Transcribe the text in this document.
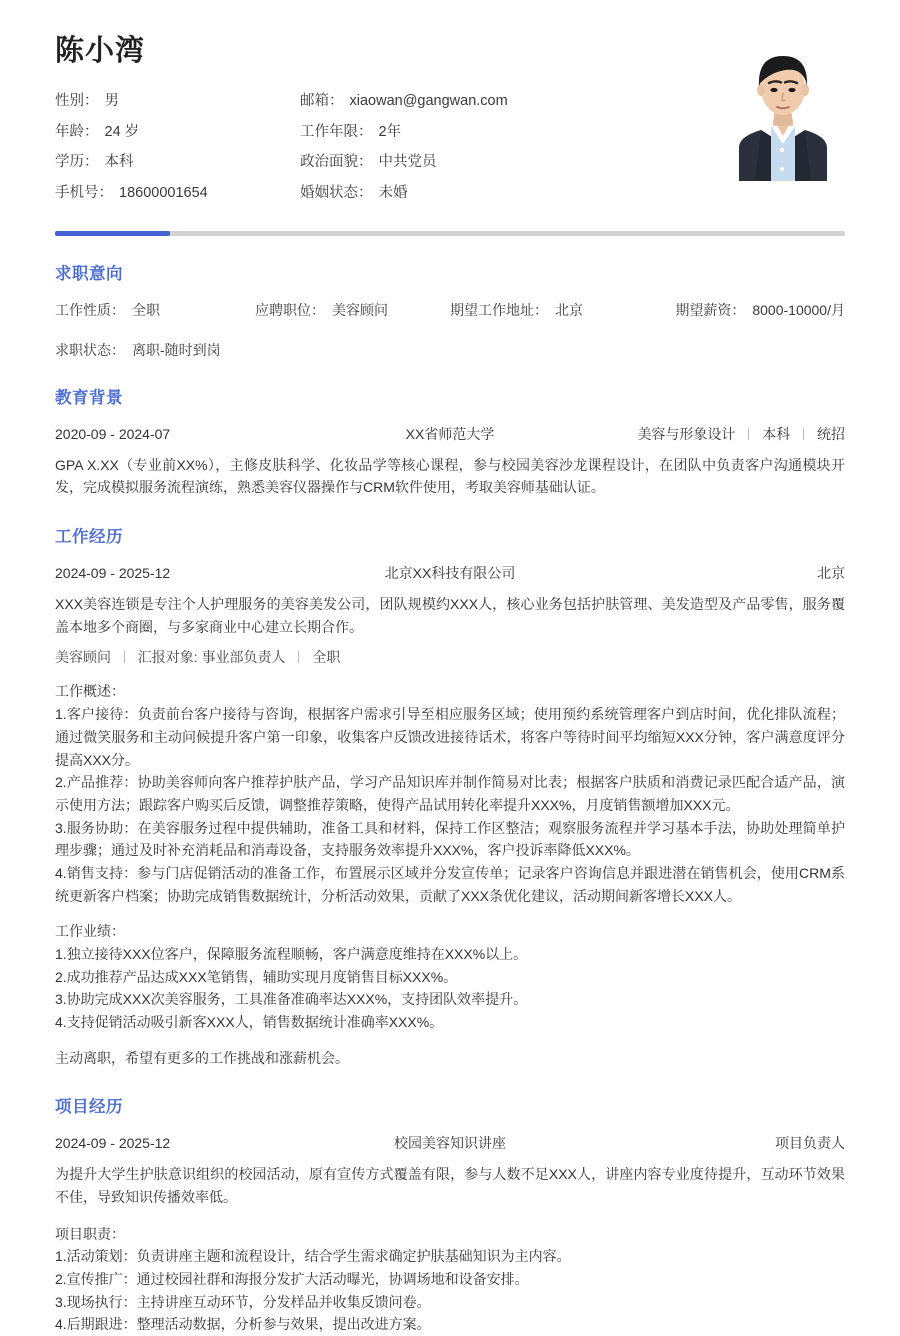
陈小湾
性别： 男	邮箱： xiaowan@gangwan.com
年龄： 24 岁	工作年限： 2年
学历： 本科	政治面貌： 中共党员
手机号： 18600001654	婚姻状态： 未婚
求职意向
工作性质： 全职	应聘职位： 美容顾问	期望工作地址： 北京	期望薪资： 8000-10000/月
求职状态： 离职-随时到岗
教育背景
2020-09 - 2024-07	XX省师范大学	美容与形象设计 本科 统招

GPA X.XX（专业前XX%），主修皮肤科学、化妆品学等核心课程，参与校园美容沙龙课程设计，在团队中负责客户沟通模块开发，完成模拟服务流程演练，熟悉美容仪器操作与CRM软件使用，考取美容师基础认证。

工作经历
2024-09 - 2025-12	北京XX科技有限公司	北京

XXX美容连锁是专注个人护理服务的美容美发公司，团队规模约XXX人，核心业务包括护肤管理、美发造型及产品零售，服务覆盖本地多个商圈，与多家商业中心建立长期合作。

美容顾问 汇报对象: 事业部负责人 全职
工作概述：
1.客户接待：负责前台客户接待与咨询，根据客户需求引导至相应服务区域；使用预约系统管理客户到店时间，优化排队流程；通过微笑服务和主动问候提升客户第一印象，收集客户反馈改进接待话术，将客户等待时间平均缩短XXX分钟，客户满意度评分提高XXX分。
2.产品推荐：协助美容师向客户推荐护肤产品，学习产品知识库并制作简易对比表；根据客户肤质和消费记录匹配合适产品，演示使用方法；跟踪客户购买后反馈，调整推荐策略，使得产品试用转化率提升XXX%，月度销售额增加XXX元。
3.服务协助：在美容服务过程中提供辅助，准备工具和材料，保持工作区整洁；观察服务流程并学习基本手法，协助处理简单护理步骤；通过及时补充消耗品和消毒设备，支持服务效率提升XXX%，客户投诉率降低XXX%。
4.销售支持：参与门店促销活动的准备工作，布置展示区域并分发宣传单；记录客户咨询信息并跟进潜在销售机会，使用CRM系统更新客户档案；协助完成销售数据统计，分析活动效果，贡献了XXX条优化建议，活动期间新客增长XXX人。
工作业绩：
1.独立接待XXX位客户，保障服务流程顺畅，客户满意度维持在XXX%以上。
2.成功推荐产品达成XXX笔销售，辅助实现月度销售目标XXX%。
3.协助完成XXX次美容服务，工具准备准确率达XXX%，支持团队效率提升。
4.支持促销活动吸引新客XXX人，销售数据统计准确率XXX%。
主动离职，希望有更多的工作挑战和涨薪机会。
项目经历
2024-09 - 2025-12	校园美容知识讲座	项目负责人

为提升大学生护肤意识组织的校园活动，原有宣传方式覆盖有限，参与人数不足XXX人，讲座内容专业度待提升，互动环节效果不佳，导致知识传播效率低。

项目职责：
1.活动策划：负责讲座主题和流程设计，结合学生需求确定护肤基础知识为主内容。
2.宣传推广：通过校园社群和海报分发扩大活动曝光，协调场地和设备安排。
3.现场执行：主持讲座互动环节，分发样品并收集反馈问卷。
4.后期跟进：整理活动数据，分析参与效果，提出改进方案。
